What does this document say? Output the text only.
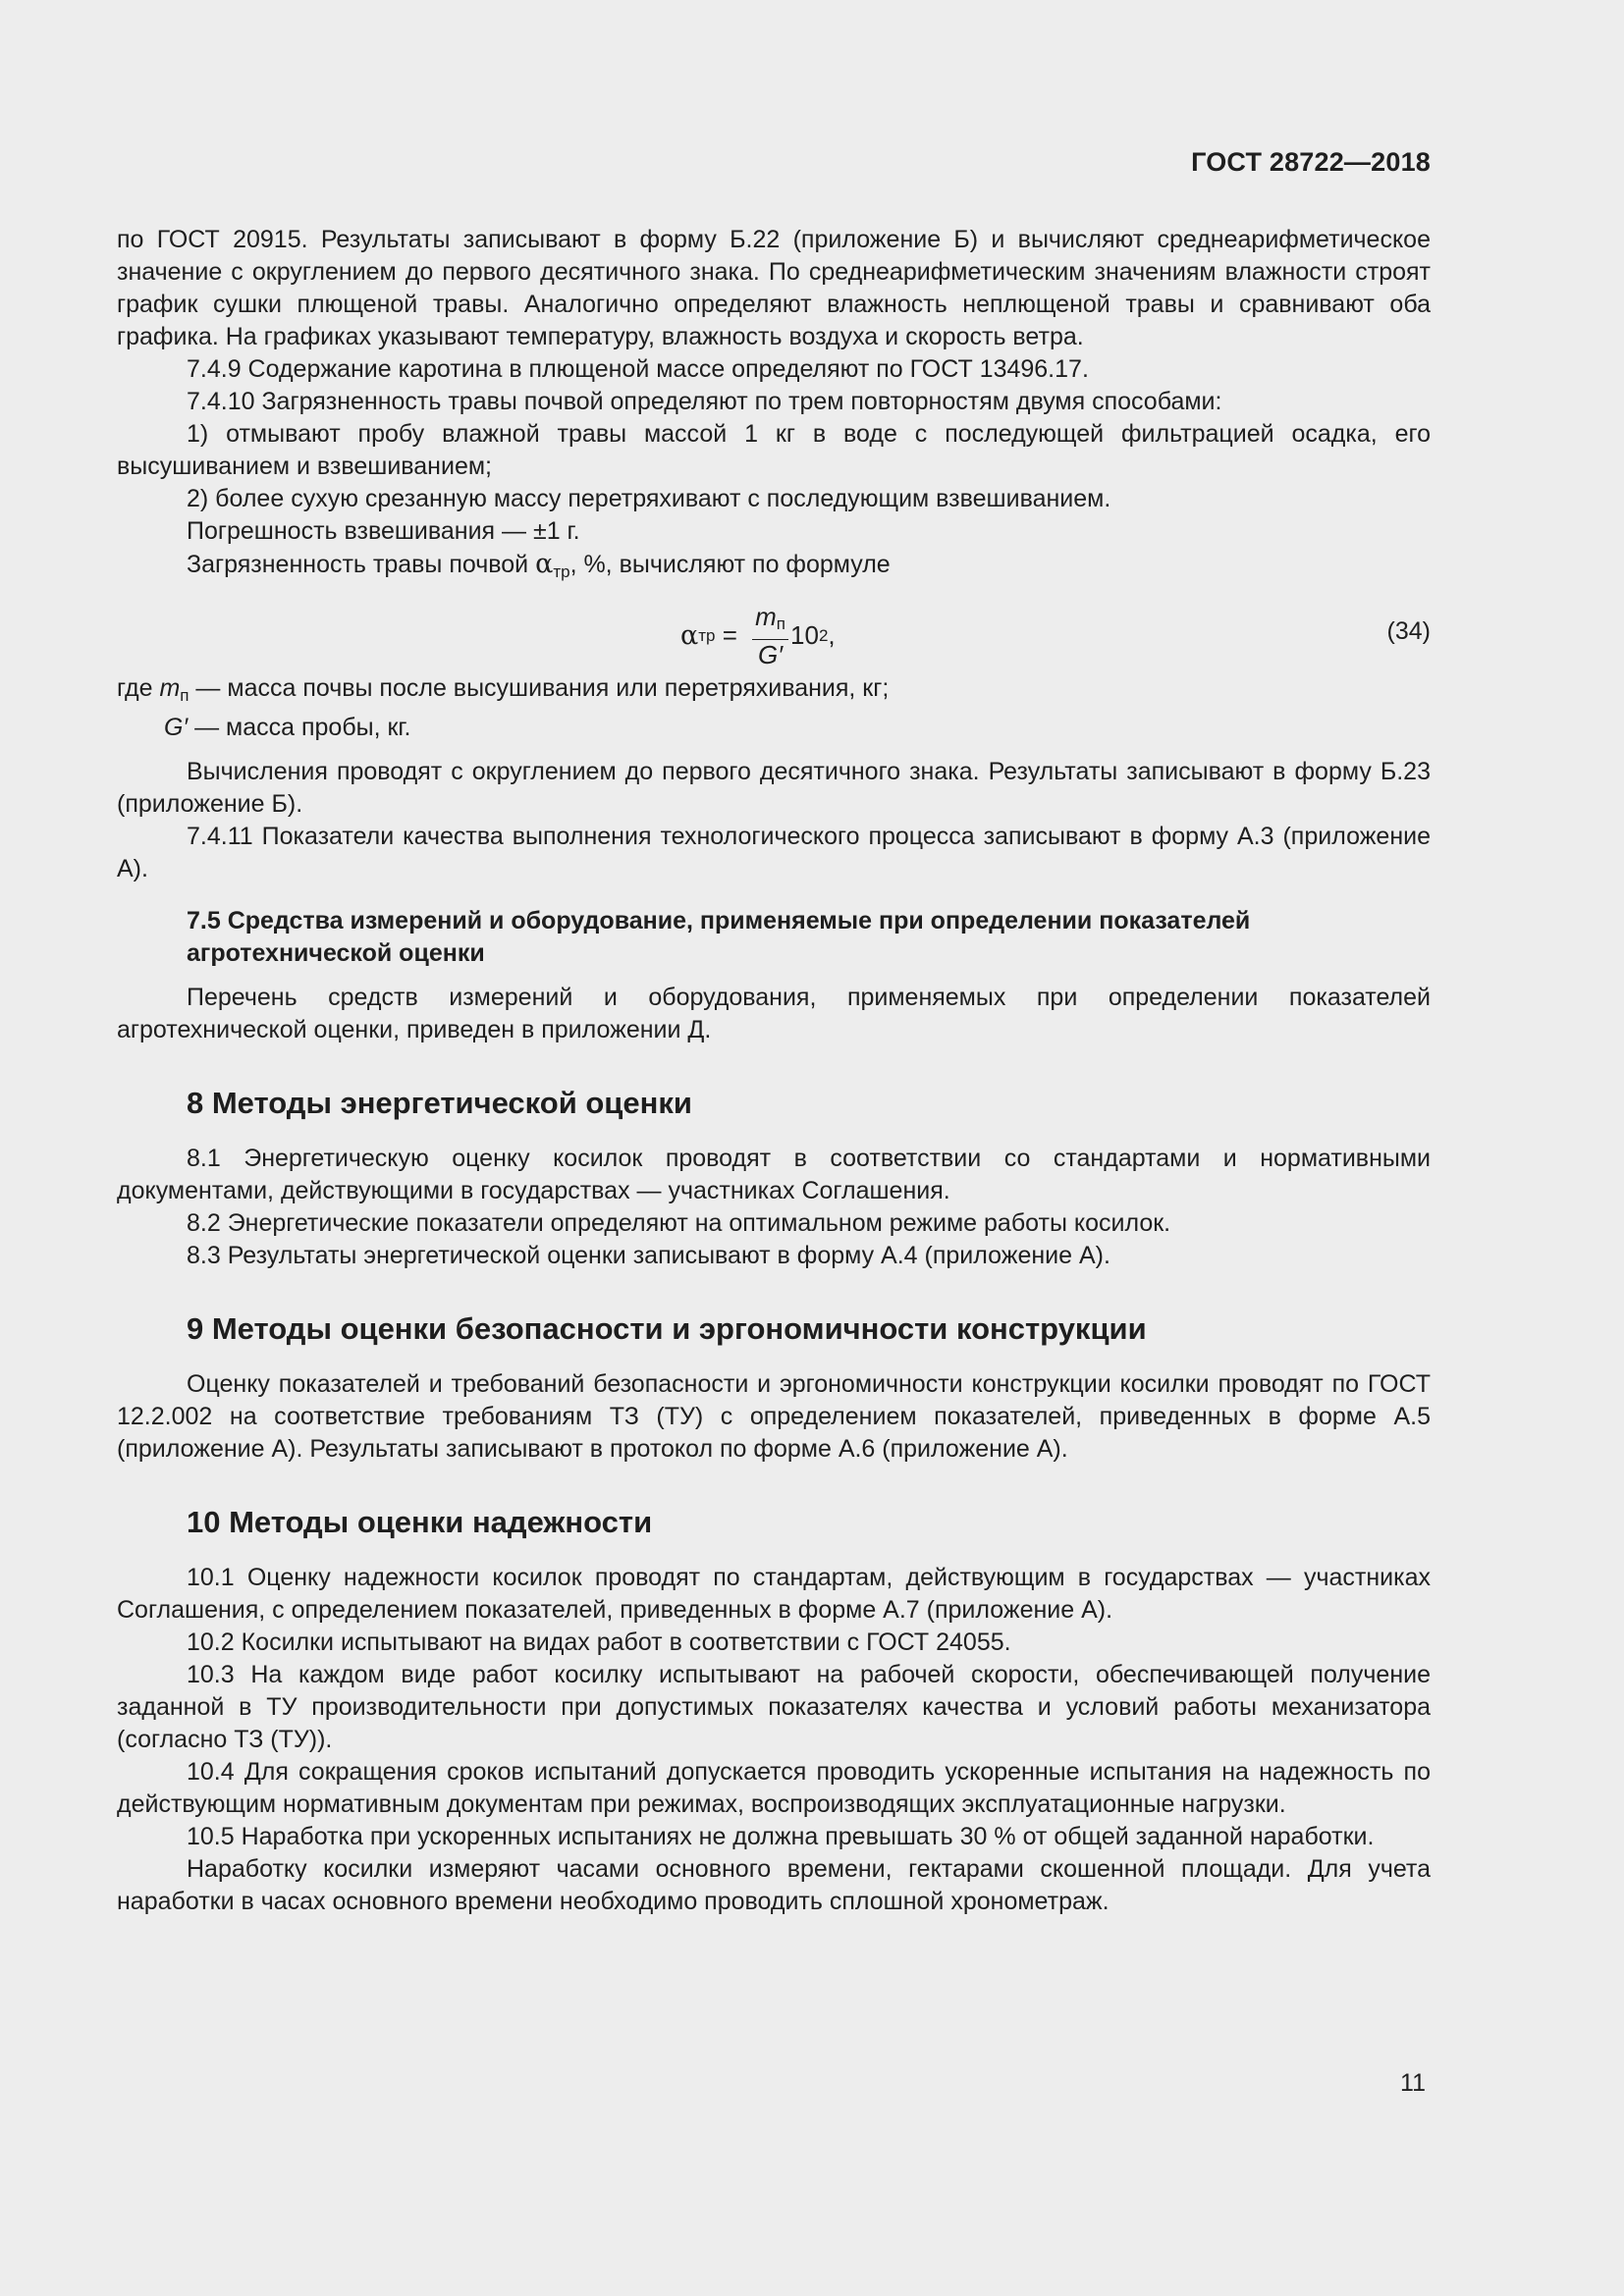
ГОСТ 28722—2018

по ГОСТ 20915. Результаты записывают в форму Б.22 (приложение Б) и вычисляют среднеарифметическое значение с округлением до первого десятичного знака. По среднеарифметическим значениям влажности строят график сушки плющеной травы. Аналогично определяют влажность неплющеной травы и сравнивают оба графика. На графиках указывают температуру, влажность воздуха и скорость ветра.

7.4.9 Содержание каротина в плющеной массе определяют по ГОСТ 13496.17.

7.4.10 Загрязненность травы почвой определяют по трем повторностям двумя способами:

1) отмывают пробу влажной травы массой 1 кг в воде с последующей фильтрацией осадка, его высушиванием и взвешиванием;

2) более сухую срезанную массу перетряхивают с последующим взвешиванием.

Погрешность взвешивания — ±1 г.

Загрязненность травы почвой $\alpha_{тр}$, %, вычисляют по формуле

α тр = $\frac{m_п}{G'} 10$ 2 ,	(34)

где $m_п$ — масса почвы после высушивания или перетряхивания, кг;

G′ — масса пробы, кг.

Вычисления проводят с округлением до первого десятичного знака. Результаты записывают в форму Б.23 (приложение Б).

7.4.11 Показатели качества выполнения технологического процесса записывают в форму А.3 (приложение А).

7.5 Средства измерений и оборудование, применяемые при определении показателей агротехнической оценки

Перечень средств измерений и оборудования, применяемых при определении показателей агротехнической оценки, приведен в приложении Д.

8 Методы энергетической оценки

8.1 Энергетическую оценку косилок проводят в соответствии со стандартами и нормативными документами, действующими в государствах — участниках Соглашения.

8.2 Энергетические показатели определяют на оптимальном режиме работы косилок.

8.3 Результаты энергетической оценки записывают в форму А.4 (приложение А).

9 Методы оценки безопасности и эргономичности конструкции

Оценку показателей и требований безопасности и эргономичности конструкции косилки проводят по ГОСТ 12.2.002 на соответствие требованиям ТЗ (ТУ) с определением показателей, приведенных в форме А.5 (приложение А). Результаты записывают в протокол по форме А.6 (приложение А).

10 Методы оценки надежности

10.1 Оценку надежности косилок проводят по стандартам, действующим в государствах — участниках Соглашения, с определением показателей, приведенных в форме А.7 (приложение А).

10.2 Косилки испытывают на видах работ в соответствии с ГОСТ 24055.

10.3 На каждом виде работ косилку испытывают на рабочей скорости, обеспечивающей получение заданной в ТУ производительности при допустимых показателях качества и условий работы механизатора (согласно ТЗ (ТУ)).

10.4 Для сокращения сроков испытаний допускается проводить ускоренные испытания на надежность по действующим нормативным документам при режимах, воспроизводящих эксплуатационные нагрузки.

10.5 Наработка при ускоренных испытаниях не должна превышать 30 % от общей заданной наработки.

Наработку косилки измеряют часами основного времени, гектарами скошенной площади. Для учета наработки в часах основного времени необходимо проводить сплошной хронометраж.

11
